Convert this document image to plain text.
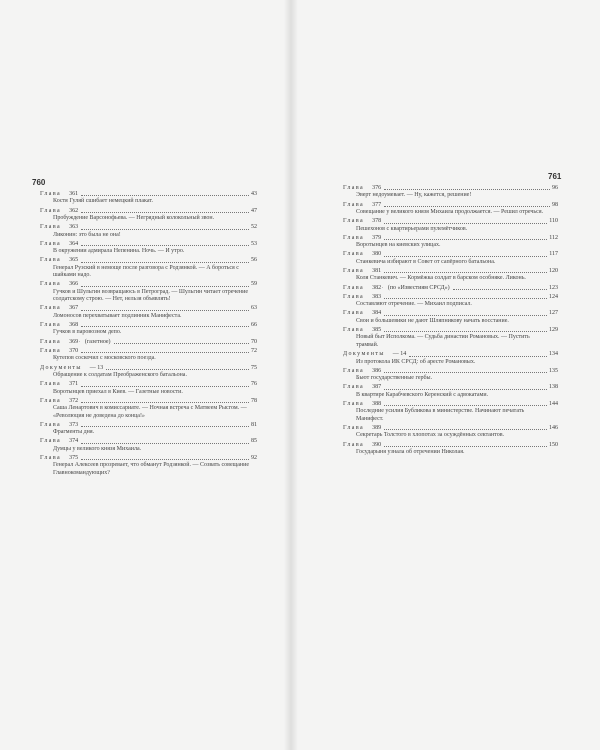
760
Глава 361	43
Костя Гуляй сшибает немецкий плакат.
Глава 362	47
Пробуждение Варсонофьева. — Негрядный колокольный звон.
Глава 363	52
Ликонин: это была не она!
Глава 364	53
В окружении адмирала Непенина. Ночь. — И утро.
Глава 365	56
Генерал Рузский в немоще после разговора с Родзянкой. — А бороться с шайками надо.
Глава 366	59
Гучков и Шульгин возвращаюсь в Петроград. — Шульгин читает отречение солдатскому строю. — Нет, нельзя объявлять!
Глава 367	63
Ломоносов перехватывает подлинник Манифеста.
Глава 368	66
Гучков в паровозном депо.
Глава 369 ' (газетное)	70
Глава 370	72
Кутепов соскочил с московского поезда.
Документы — 13	75
Обращение к солдатам Преображенского батальона.
Глава 371	76
Воротынцев приехал в Киев. — Газетные новости.
Глава 372	78
Саша Ленартович в комиссариате. — Ночная встреча с Матвеем Рысгом. — «Революция не доведена до конца!»
Глава 373	81
Фрагменты дня.
Глава 374	85
Думцы у великого князя Михаила.
Глава 375	92
Генерал Алексеев прозревает, что обманут Родзянкой. — Созвать совещание Главнокомандующих?
761
Глава 376	96
Эверт недоумевает. — Ну, кажется, решение!
Глава 377	98
Совещание у великого князя Михаила продолжается. — Решил отречься.
Глава 378	110
Пешехонов с квартирьерами пулемётчиков.
Глава 379	112
Воротынцев на киевских улицах.
Глава 380	117
Станкевича избирают в Совет от сапёрного батальона.
Глава 381	120
Коля Станкевич. — Кормёжка солдат в барском особняке. Ликонь.
Глава 382 ' (по «Известиям СРСД»)	123
Глава 383	124
Составляют отречение. — Михаил подписал.
Глава 384	127
Свои и большевики не дают Шляпникову начать восстание.
Глава 385	129
Новый быт Исполкома. — Судьба династии Романовых. — Пустить трамвай.
Документы — 14	134
Из протокола ИК СРСД: об аресте Романовых.
Глава 386	135
Бьют государственные гербы.
Глава 387	138
В квартире Карабчевского Керенский с адвокатами.
Глава 388	144
Последние усилия Бубликова в министерстве. Начинают печатать Манифест.
Глава 389	146
Секретарь Толстого в хлопотах за осуждённых сектантов.
Глава 390	150
Государыня узнала об отречении Николая.
